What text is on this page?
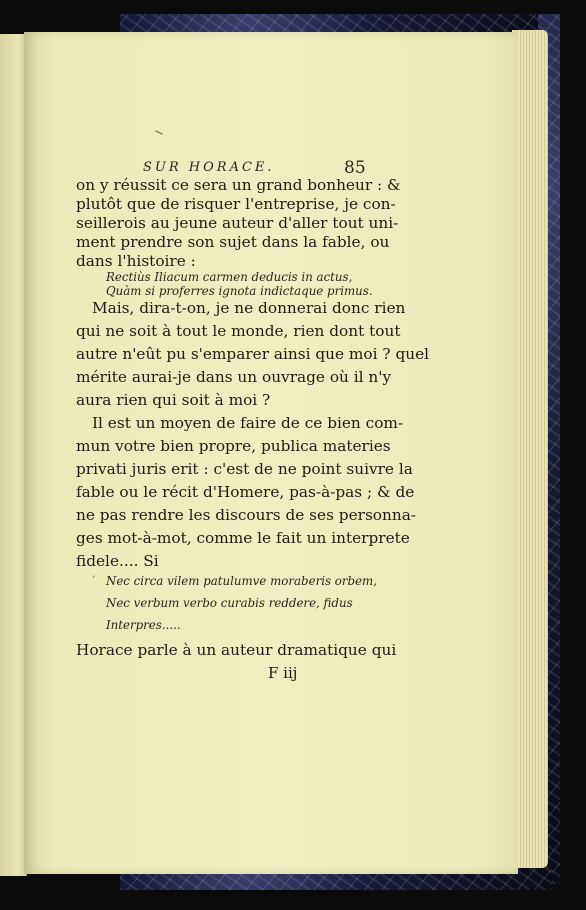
SUR HORACE.	85
on y réussit ce sera un grand bonheur : &
plutôt que de risquer l'entreprise, je con-
seillerois au jeune auteur d'aller tout uni-
ment prendre son sujet dans la fable, ou
dans l'histoire :
Rectiùs Iliacum carmen deducis in actus,
Quàm si proferres ignota indictaque primus.
Mais, dira-t-on, je ne donnerai donc rien
qui ne soit à tout le monde, rien dont tout
autre n'eût pu s'emparer ainsi que moi ? quel
mérite aurai-je dans un ouvrage où il n'y
aura rien qui soit à moi ?
Il est un moyen de faire de ce bien com-
mun votre bien propre, publica materies
privati juris erit : c'est de ne point suivre la
fable ou le récit d'Homere, pas-à-pas ; & de
ne pas rendre les discours de ses personna-
ges mot-à-mot, comme le fait un interprete
’ Nec circa vilem patulumve moraberis orbem,
Nec verbum verbo curabis reddere, fidus
Interpres.....
Horace parle à un auteur dramatique qui
F iij
fidele.... Si
